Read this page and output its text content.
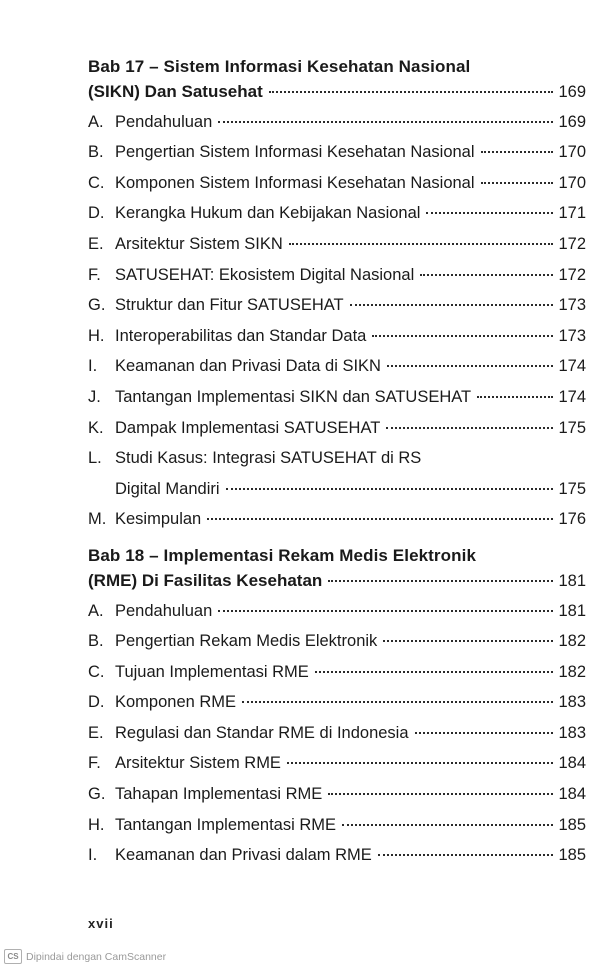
Bab 17 – Sistem Informasi Kesehatan Nasional
(SIKN) Dan Satusehat	169
A. Pendahuluan	169
B. Pengertian Sistem Informasi Kesehatan Nasional	170
C. Komponen Sistem Informasi Kesehatan Nasional	170
D. Kerangka Hukum dan Kebijakan Nasional	171
E. Arsitektur Sistem SIKN	172
F. SATUSEHAT: Ekosistem Digital Nasional	172
G. Struktur dan Fitur SATUSEHAT	173
H. Interoperabilitas dan Standar Data	173
I.	Keamanan dan Privasi Data di SIKN	174
J. Tantangan Implementasi SIKN dan SATUSEHAT	174
K. Dampak Implementasi SATUSEHAT	175
L. Studi Kasus: Integrasi SATUSEHAT di RS
Digital Mandiri	175
M. Kesimpulan	176
Bab 18 – Implementasi Rekam Medis Elektronik
(RME) Di Fasilitas Kesehatan	181
A. Pendahuluan	181
B. Pengertian Rekam Medis Elektronik	182
C. Tujuan Implementasi RME	182
D. Komponen RME	183
E. Regulasi dan Standar RME di Indonesia	183
F. Arsitektur Sistem RME	184
G. Tahapan Implementasi RME	184
H. Tantangan Implementasi RME	185
I.	Keamanan dan Privasi dalam RME	185
xvii
CS Dipindai dengan CamScanner
